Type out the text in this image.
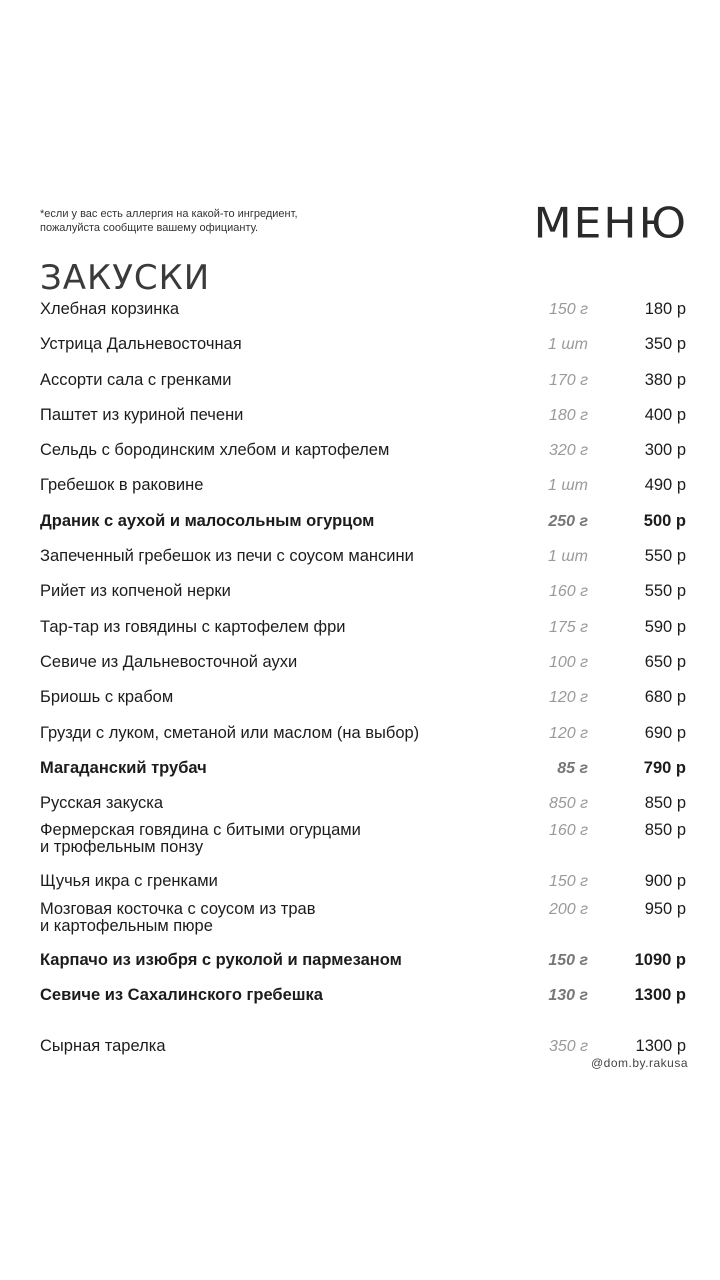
*если у вас есть аллергия на какой-то ингредиент,
пожалуйста сообщите вашему официанту.	МЕНЮ
ЗАКУСКИ
Хлебная корзинка	150 г	180 р
Устрица Дальневосточная	1 шт	350 р
Ассорти сала с гренками	170 г	380 р
Паштет из куриной печени	180 г	400 р
Сельдь с бородинским хлебом и картофелем	320 г	300 р
Гребешок в раковине	1 шт	490 р
Драник с аухой и малосольным огурцом	250 г	500 р
Запеченный гребешок из печи с соусом мансини	1 шт	550 р
Рийет из копченой нерки	160 г	550 р
Тар-тар из говядины с картофелем фри	175 г	590 р
Севиче из Дальневосточной аухи	100 г	650 р
Бриошь с крабом	120 г	680 р
Грузди с луком, сметаной или маслом (на выбор)	120 г	690 р
Магаданский трубач	85 г	790 р
Русская закуска	850 г	850 р
Фермерская говядина с битыми огурцами
и трюфельным понзу
160 г	850 р
Щучья икра с гренками	150 г	900 р
Мозговая косточка с соусом из трав
и картофельным пюре
200 г	950 р
Карпачо из изюбря с руколой и пармезаном	150 г	1090 р
Севиче из Сахалинского гребешка	130 г	1300 р
Сырная тарелка	350 г	1300 р
@dom.by.rakusa
